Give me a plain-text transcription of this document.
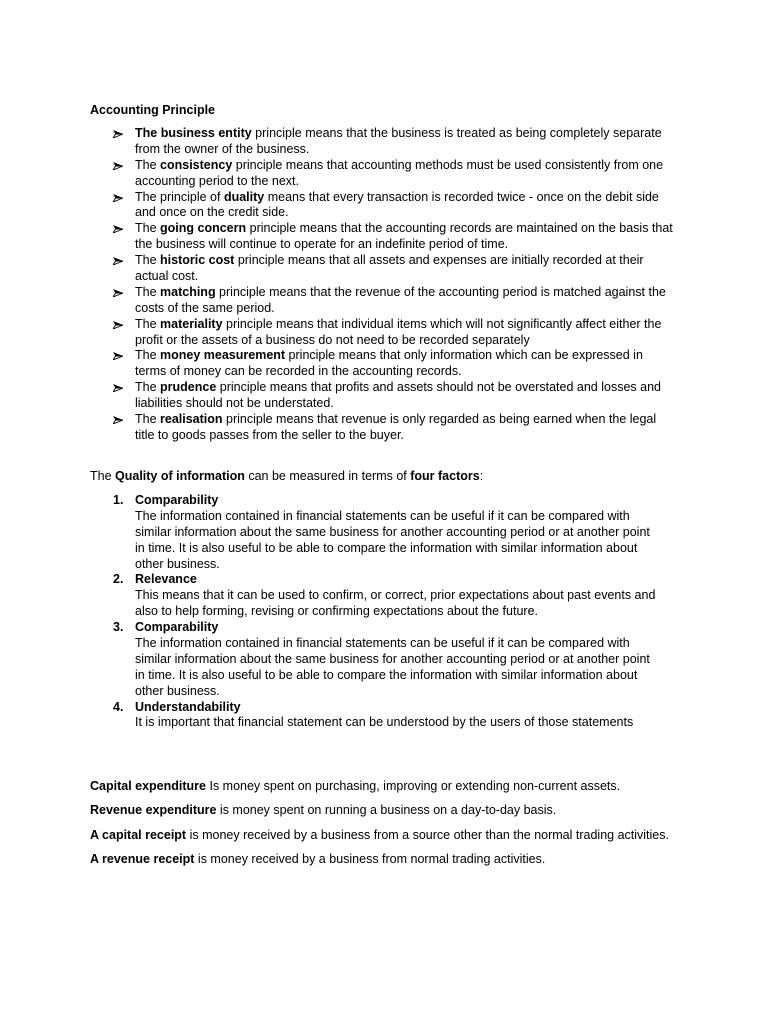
Accounting Principle
The business entity principle means that the business is treated as being completely separate
from the owner of the business.
The consistency principle means that accounting methods must be used consistently from one
accounting period to the next.
The principle of duality means that every transaction is recorded twice - once on the debit side
and once on the credit side.
The going concern principle means that the accounting records are maintained on the basis that
the business will continue to operate for an indefinite period of time.
The historic cost principle means that all assets and expenses are initially recorded at their
actual cost.
The matching principle means that the revenue of the accounting period is matched against the
costs of the same period.
The materiality principle means that individual items which will not significantly affect either the
profit or the assets of a business do not need to be recorded separately
The money measurement principle means that only information which can be expressed in
terms of money can be recorded in the accounting records.
The prudence principle means that profits and assets should not be overstated and losses and
liabilities should not be understated.
The realisation principle means that revenue is only regarded as being earned when the legal
title to goods passes from the seller to the buyer.
The Quality of information can be measured in terms of four factors:
1. Comparability
The information contained in financial statements can be useful if it can be compared with
similar information about the same business for another accounting period or at another point
in time. It is also useful to be able to compare the information with similar information about
other business.
2. Relevance
This means that it can be used to confirm, or correct, prior expectations about past events and
also to help forming, revising or confirming expectations about the future.
3. Comparability
The information contained in financial statements can be useful if it can be compared with
similar information about the same business for another accounting period or at another point
in time. It is also useful to be able to compare the information with similar information about
other business.
4. Understandability
It is important that financial statement can be understood by the users of those statements
Capital expenditure Is money spent on purchasing, improving or extending non-current assets.
Revenue expenditure is money spent on running a business on a day-to-day basis.
A capital receipt is money received by a business from a source other than the normal trading activities.
A revenue receipt is money received by a business from normal trading activities.
